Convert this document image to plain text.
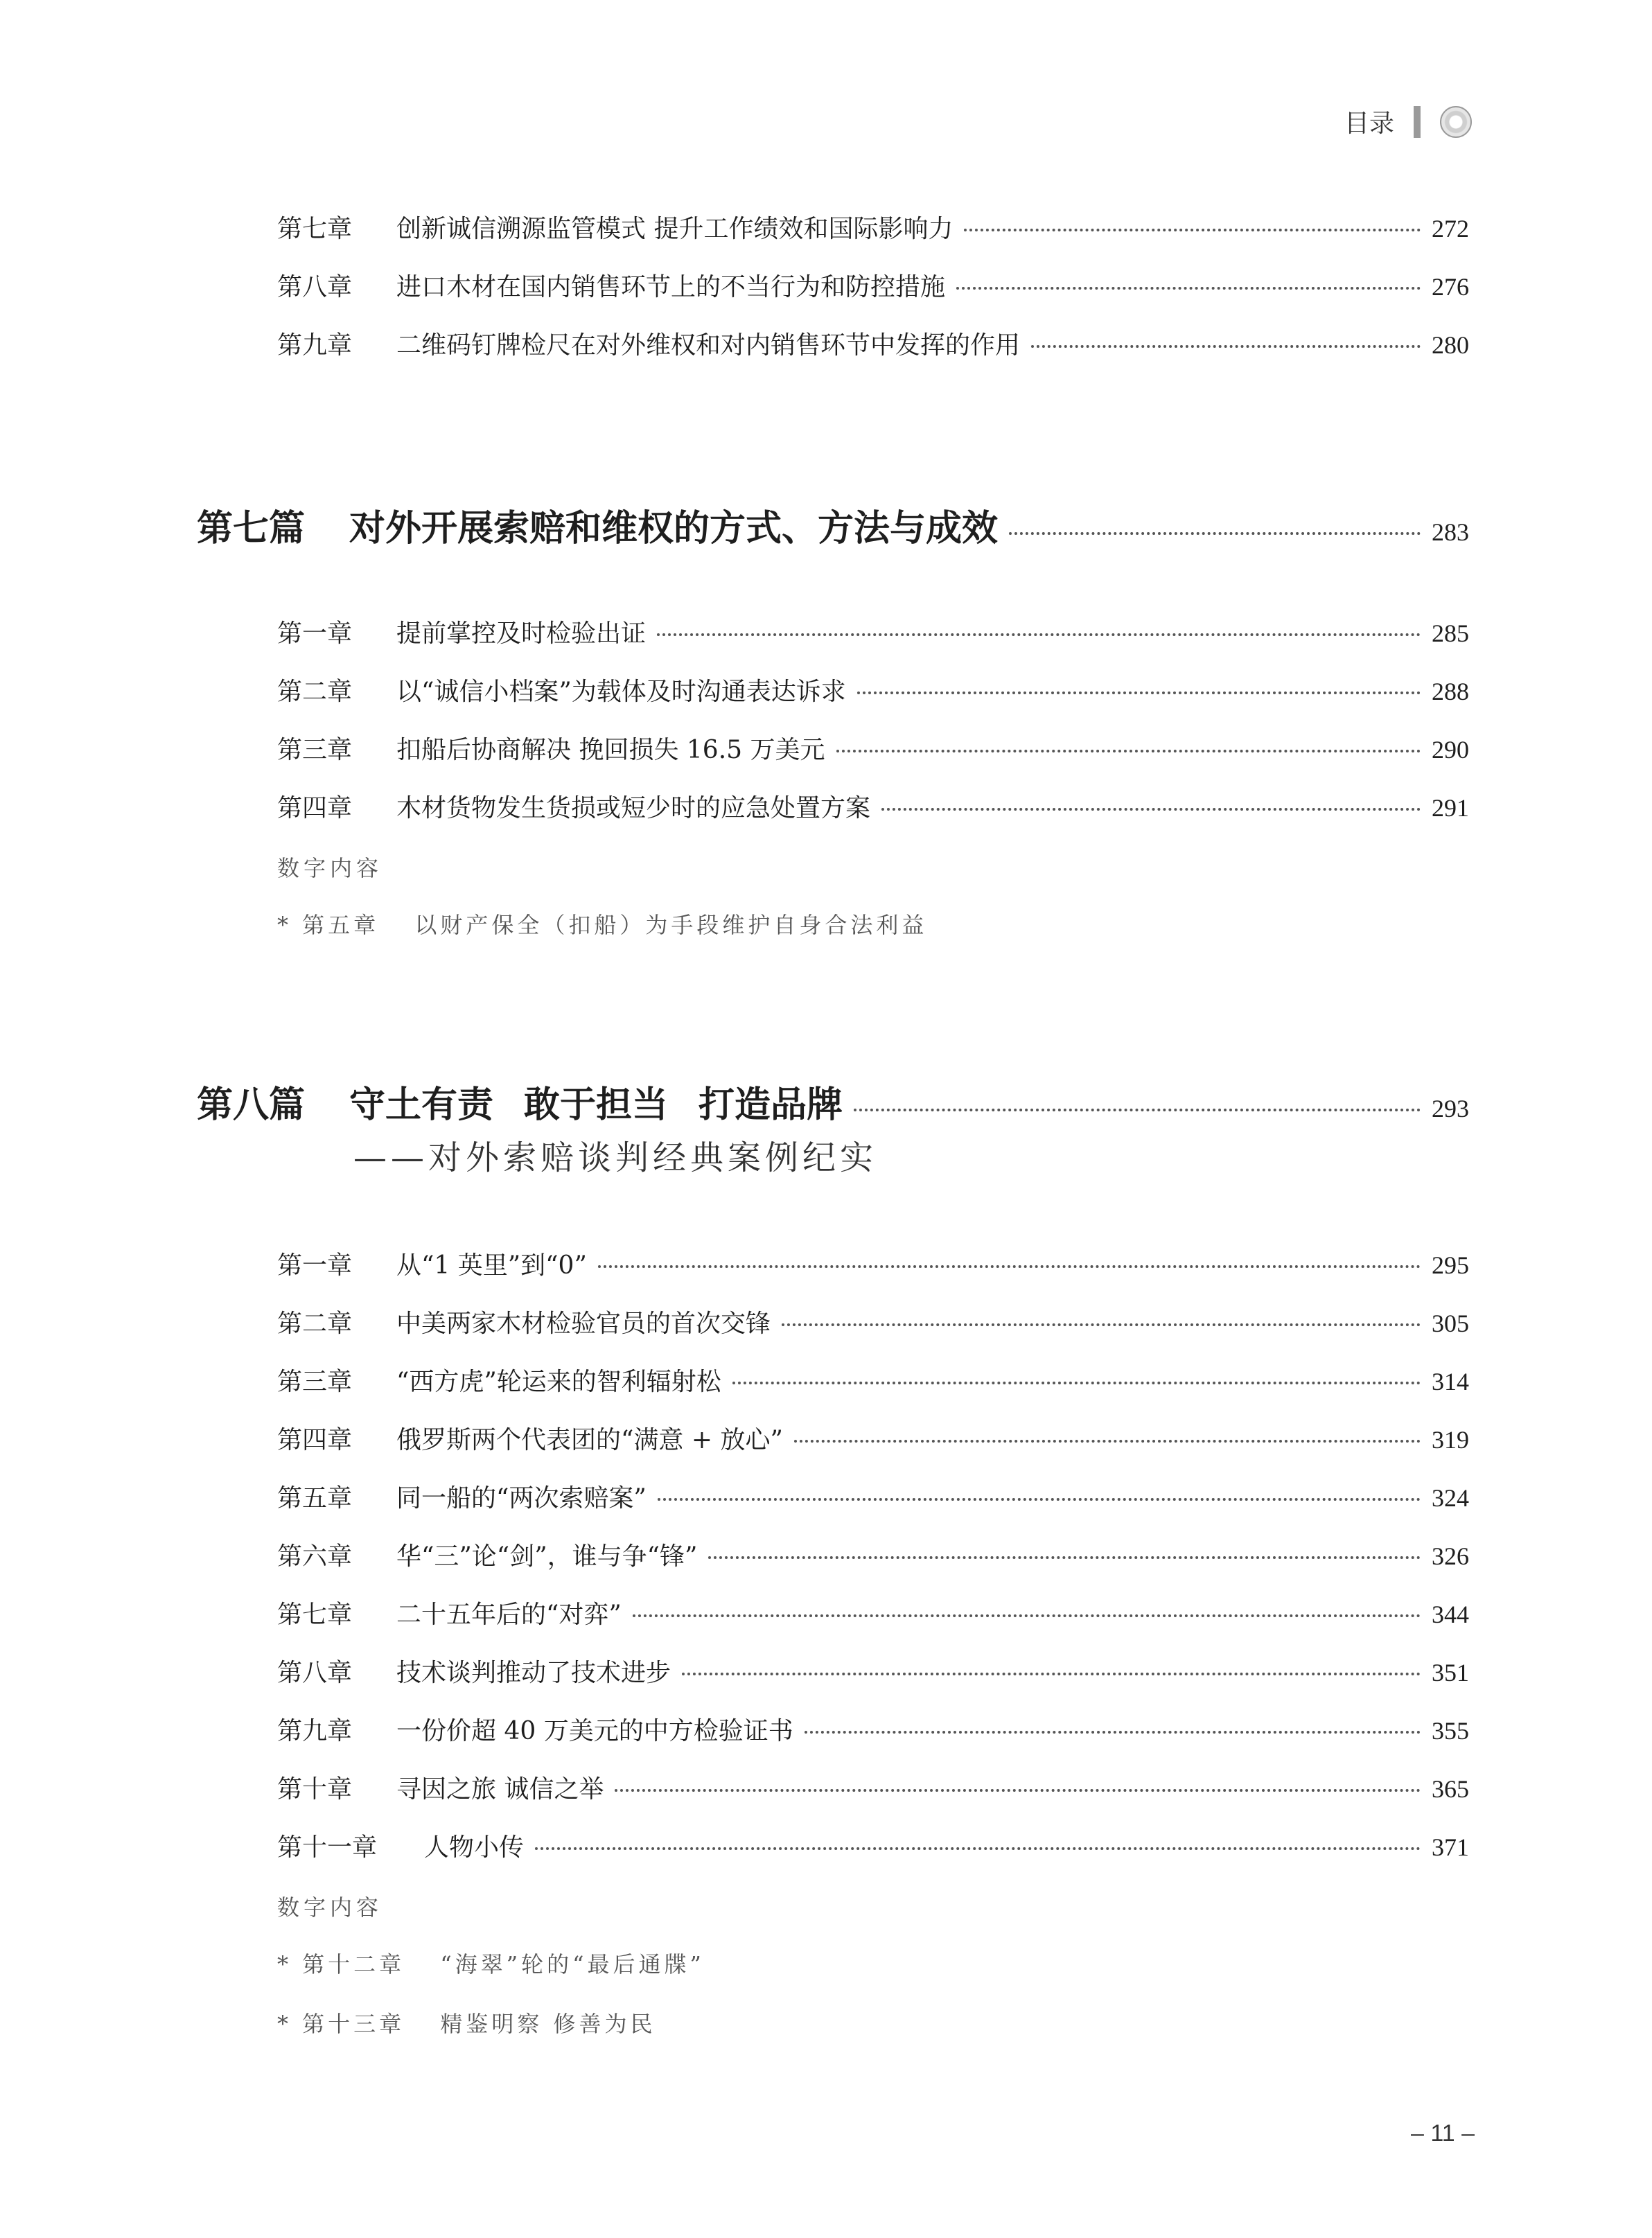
目录
第七章	创新诚信溯源监管模式 提升工作绩效和国际影响力	272
第八章	进口木材在国内销售环节上的不当行为和防控措施	276
第九章	二维码钉牌检尺在对外维权和对内销售环节中发挥的作用	280
第七篇	对外开展索赔和维权的方式、方法与成效	283
第一章	提前掌控及时检验出证	285
第二章	以“诚信小档案”为载体及时沟通表达诉求	288
第三章	扣船后协商解决 挽回损失 16.5 万美元	290
第四章	木材货物发生货损或短少时的应急处置方案	291
数字内容
* 第五章 以财产保全（扣船）为手段维护自身合法利益
第八篇	守土有责 敢于担当 打造品牌	293
——对外索赔谈判经典案例纪实
第一章	从“1 英里”到“0”	295
第二章	中美两家木材检验官员的首次交锋	305
第三章	“西方虎”轮运来的智利辐射松	314
第四章	俄罗斯两个代表团的“满意 + 放心”	319
第五章	同一船的“两次索赔案”	324
第六章	华“三”论“剑”，谁与争“锋”	326
第七章	二十五年后的“对弈”	344
第八章	技术谈判推动了技术进步	351
第九章	一份价超 40 万美元的中方检验证书	355
第十章	寻因之旅 诚信之举	365
第十一章	人物小传	371
数字内容
* 第十二章 “海翠”轮的“最后通牒”
* 第十三章 精鉴明察 修善为民
– 11 –
